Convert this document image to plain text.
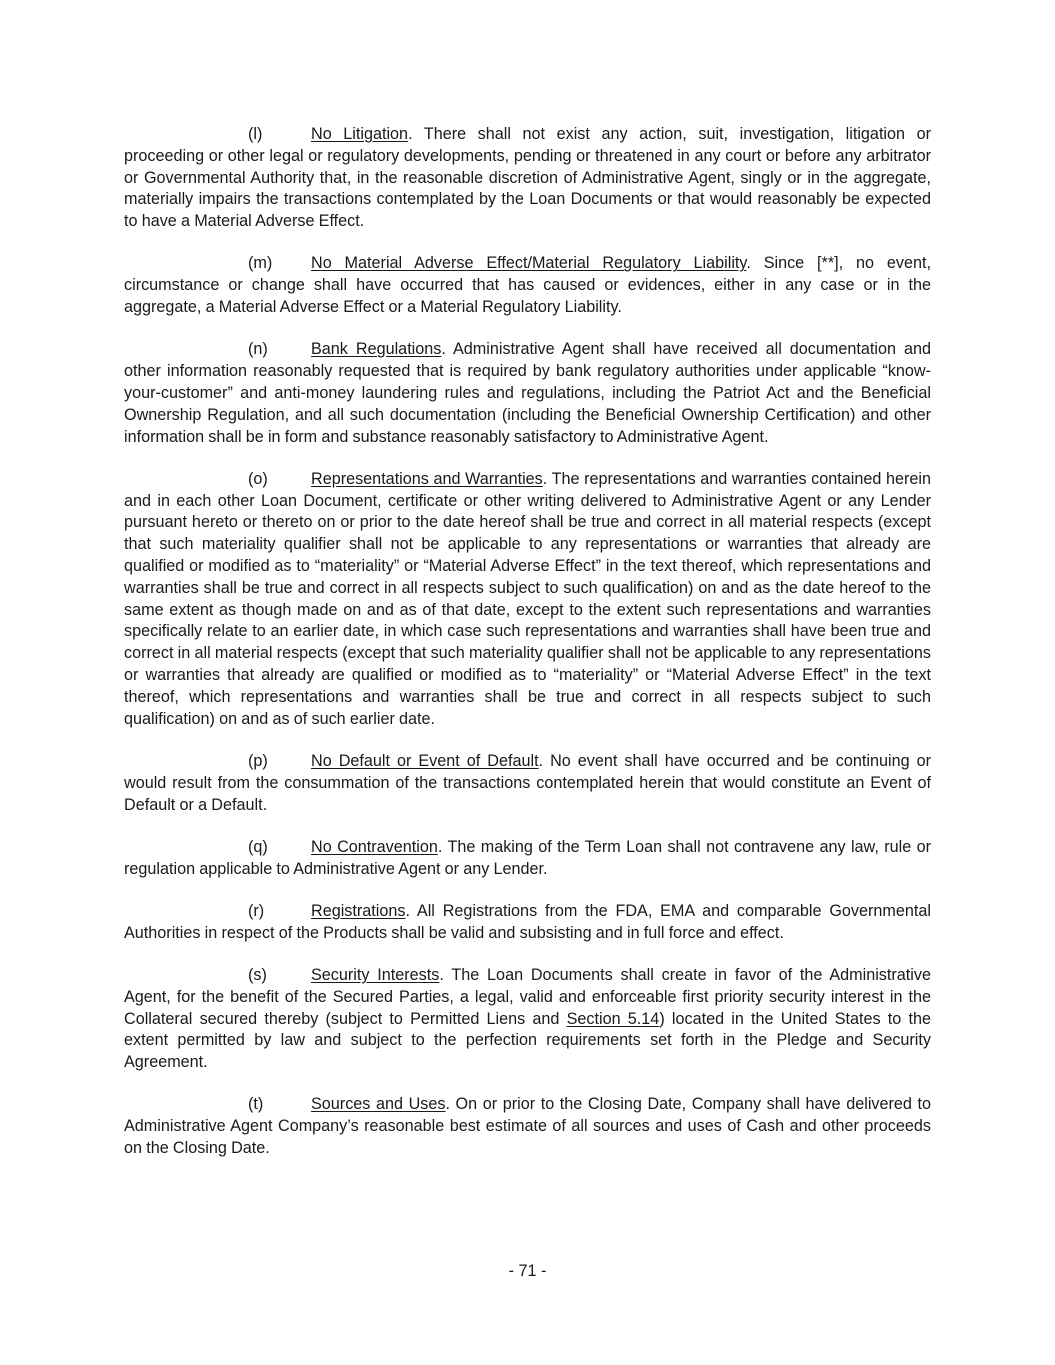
(l)	No Litigation. There shall not exist any action, suit, investigation, litigation or proceeding or other legal or regulatory developments, pending or threatened in any court or before any arbitrator or Governmental Authority that, in the reasonable discretion of Administrative Agent, singly or in the aggregate, materially impairs the transactions contemplated by the Loan Documents or that would reasonably be expected to have a Material Adverse Effect.

(m) No Material Adverse Effect/Material Regulatory Liability. Since [**], no event, circumstance or change shall have occurred that has caused or evidences, either in any case or in the aggregate, a Material Adverse Effect or a Material Regulatory Liability.

(n)	Bank Regulations. Administrative Agent shall have received all documentation and other information reasonably requested that is required by bank regulatory authorities under applicable “know-your-customer” and anti-money laundering rules and regulations, including the Patriot Act and the Beneficial Ownership Regulation, and all such documentation (including the Beneficial Ownership Certification) and other information shall be in form and substance reasonably satisfactory to Administrative Agent.

(o)	Representations and Warranties. The representations and warranties contained herein and in each other Loan Document, certificate or other writing delivered to Administrative Agent or any Lender pursuant hereto or thereto on or prior to the date hereof shall be true and correct in all material respects (except that such materiality qualifier shall not be applicable to any representations or warranties that already are qualified or modified as to “materiality” or “Material Adverse Effect” in the text thereof, which representations and warranties shall be true and correct in all respects subject to such qualification) on and as the date hereof to the same extent as though made on and as of that date, except to the extent such representations and warranties specifically relate to an earlier date, in which case such representations and warranties shall have been true and correct in all material respects (except that such materiality qualifier shall not be applicable to any representations or warranties that already are qualified or modified as to “materiality” or “Material Adverse Effect” in the text thereof, which representations and warranties shall be true and correct in all respects subject to such qualification) on and as of such earlier date.

(p)	No Default or Event of Default. No event shall have occurred and be continuing or would result from the consummation of the transactions contemplated herein that would constitute an Event of Default or a Default.

(q)	No Contravention. The making of the Term Loan shall not contravene any law, rule or regulation applicable to Administrative Agent or any Lender.

(r)	Registrations. All Registrations from the FDA, EMA and comparable Governmental Authorities in respect of the Products shall be valid and subsisting and in full force and effect.

(s)	Security Interests. The Loan Documents shall create in favor of the Administrative Agent, for the benefit of the Secured Parties, a legal, valid and enforceable first priority security interest in the Collateral secured thereby (subject to Permitted Liens and Section 5.14) located in the United States to the extent permitted by law and subject to the perfection requirements set forth in the Pledge and Security Agreement.

(t)	Sources and Uses. On or prior to the Closing Date, Company shall have delivered to Administrative Agent Company’s reasonable best estimate of all sources and uses of Cash and other proceeds on the Closing Date.

- 71 -
